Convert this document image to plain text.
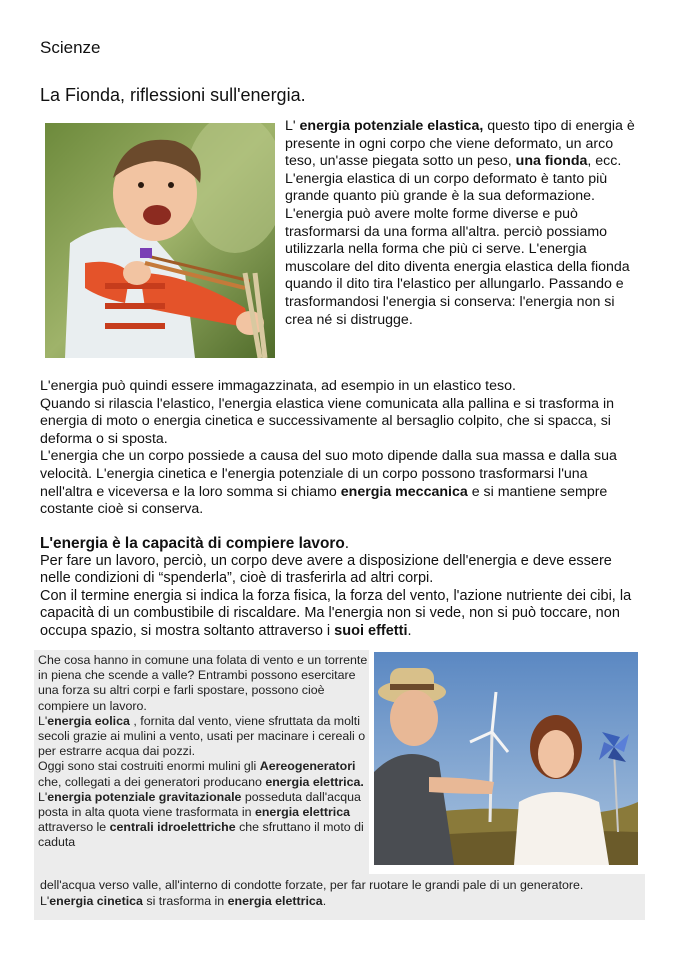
Scienze
La Fionda, riflessioni sull'energia.
L' energia potenziale elastica, questo tipo di energia è presente in ogni corpo che viene deformato, un arco teso, un'asse piegata sotto un peso, una fionda, ecc.
L'energia elastica di un corpo deformato è tanto più grande quanto più grande è la sua deformazione. L'energia può avere molte forme diverse e può trasformarsi da una forma all'altra. perciò possiamo utilizzarla nella forma che più ci serve. L'energia muscolare del dito diventa energia elastica della fionda quando il dito tira l'elastico per allungarlo. Passando e trasformandosi l'energia si conserva: l'energia non si crea né si distrugge.
L'energia può quindi essere immagazzinata, ad esempio in un elastico teso.
Quando si rilascia l'elastico, l'energia elastica viene comunicata alla pallina e si trasforma in energia di moto o energia cinetica e successivamente al bersaglio colpito, che si spacca, si deforma o si sposta.
L'energia che un corpo possiede a causa del suo moto dipende dalla sua massa e dalla sua velocità. L'energia cinetica e l'energia potenziale di un corpo possono trasformarsi l'una nell'altra e viceversa e la loro somma si chiamo energia meccanica e si mantiene sempre costante cioè si conserva.
L'energia è la capacità di compiere lavoro.
Per fare un lavoro, perciò, un corpo deve avere a disposizione dell'energia e deve essere nelle condizioni di “spenderla”, cioè di trasferirla ad altri corpi.
Con il termine energia si indica la forza fisica, la forza del vento, l'azione nutriente dei cibi, la capacità di un combustibile di riscaldare. Ma l'energia non si vede, non si può toccare, non occupa spazio, si mostra soltanto attraverso i suoi effetti.
Che cosa hanno in comune una folata di vento e un torrente in piena che scende a valle? Entrambi possono esercitare una forza su altri corpi e farli spostare, possono cioè compiere un lavoro.
L'energia eolica , fornita dal vento, viene sfruttata da molti secoli grazie ai mulini a vento, usati per macinare i cereali o per estrarre acqua dai pozzi.
Oggi sono stai costruiti enormi mulini gli Aereogeneratori che, collegati a dei generatori producano energia elettrica.
L'energia potenziale gravitazionale posseduta dall'acqua posta in alta quota viene trasformata in energia elettrica attraverso le centrali idroelettriche che sfruttano il moto di caduta
dell'acqua verso valle, all'interno di condotte forzate, per far ruotare le grandi pale di un generatore. L'energia cinetica si trasforma in energia elettrica.
